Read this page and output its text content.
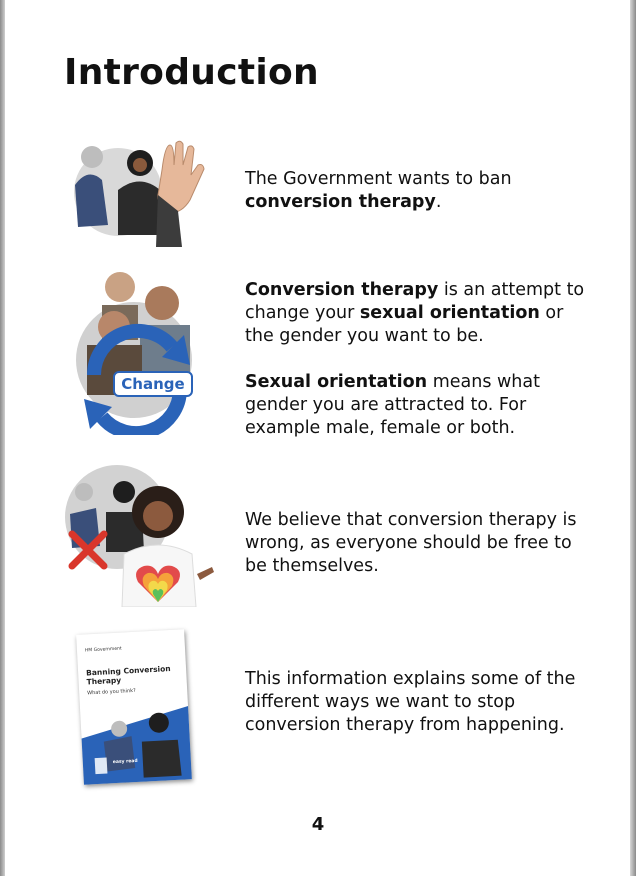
Introduction

The Government wants to ban conversion therapy.

Change

Conversion therapy is an attempt to change your sexual orientation or the gender you want to be.

Sexual orientation means what gender you are attracted to. For example male, female or both.

We believe that conversion therapy is wrong, as everyone should be free to be themselves.

HM Government
Banning Conversion Therapy
What do you think?
easy read

This information explains some of the different ways we want to stop conversion therapy from happening.

4
